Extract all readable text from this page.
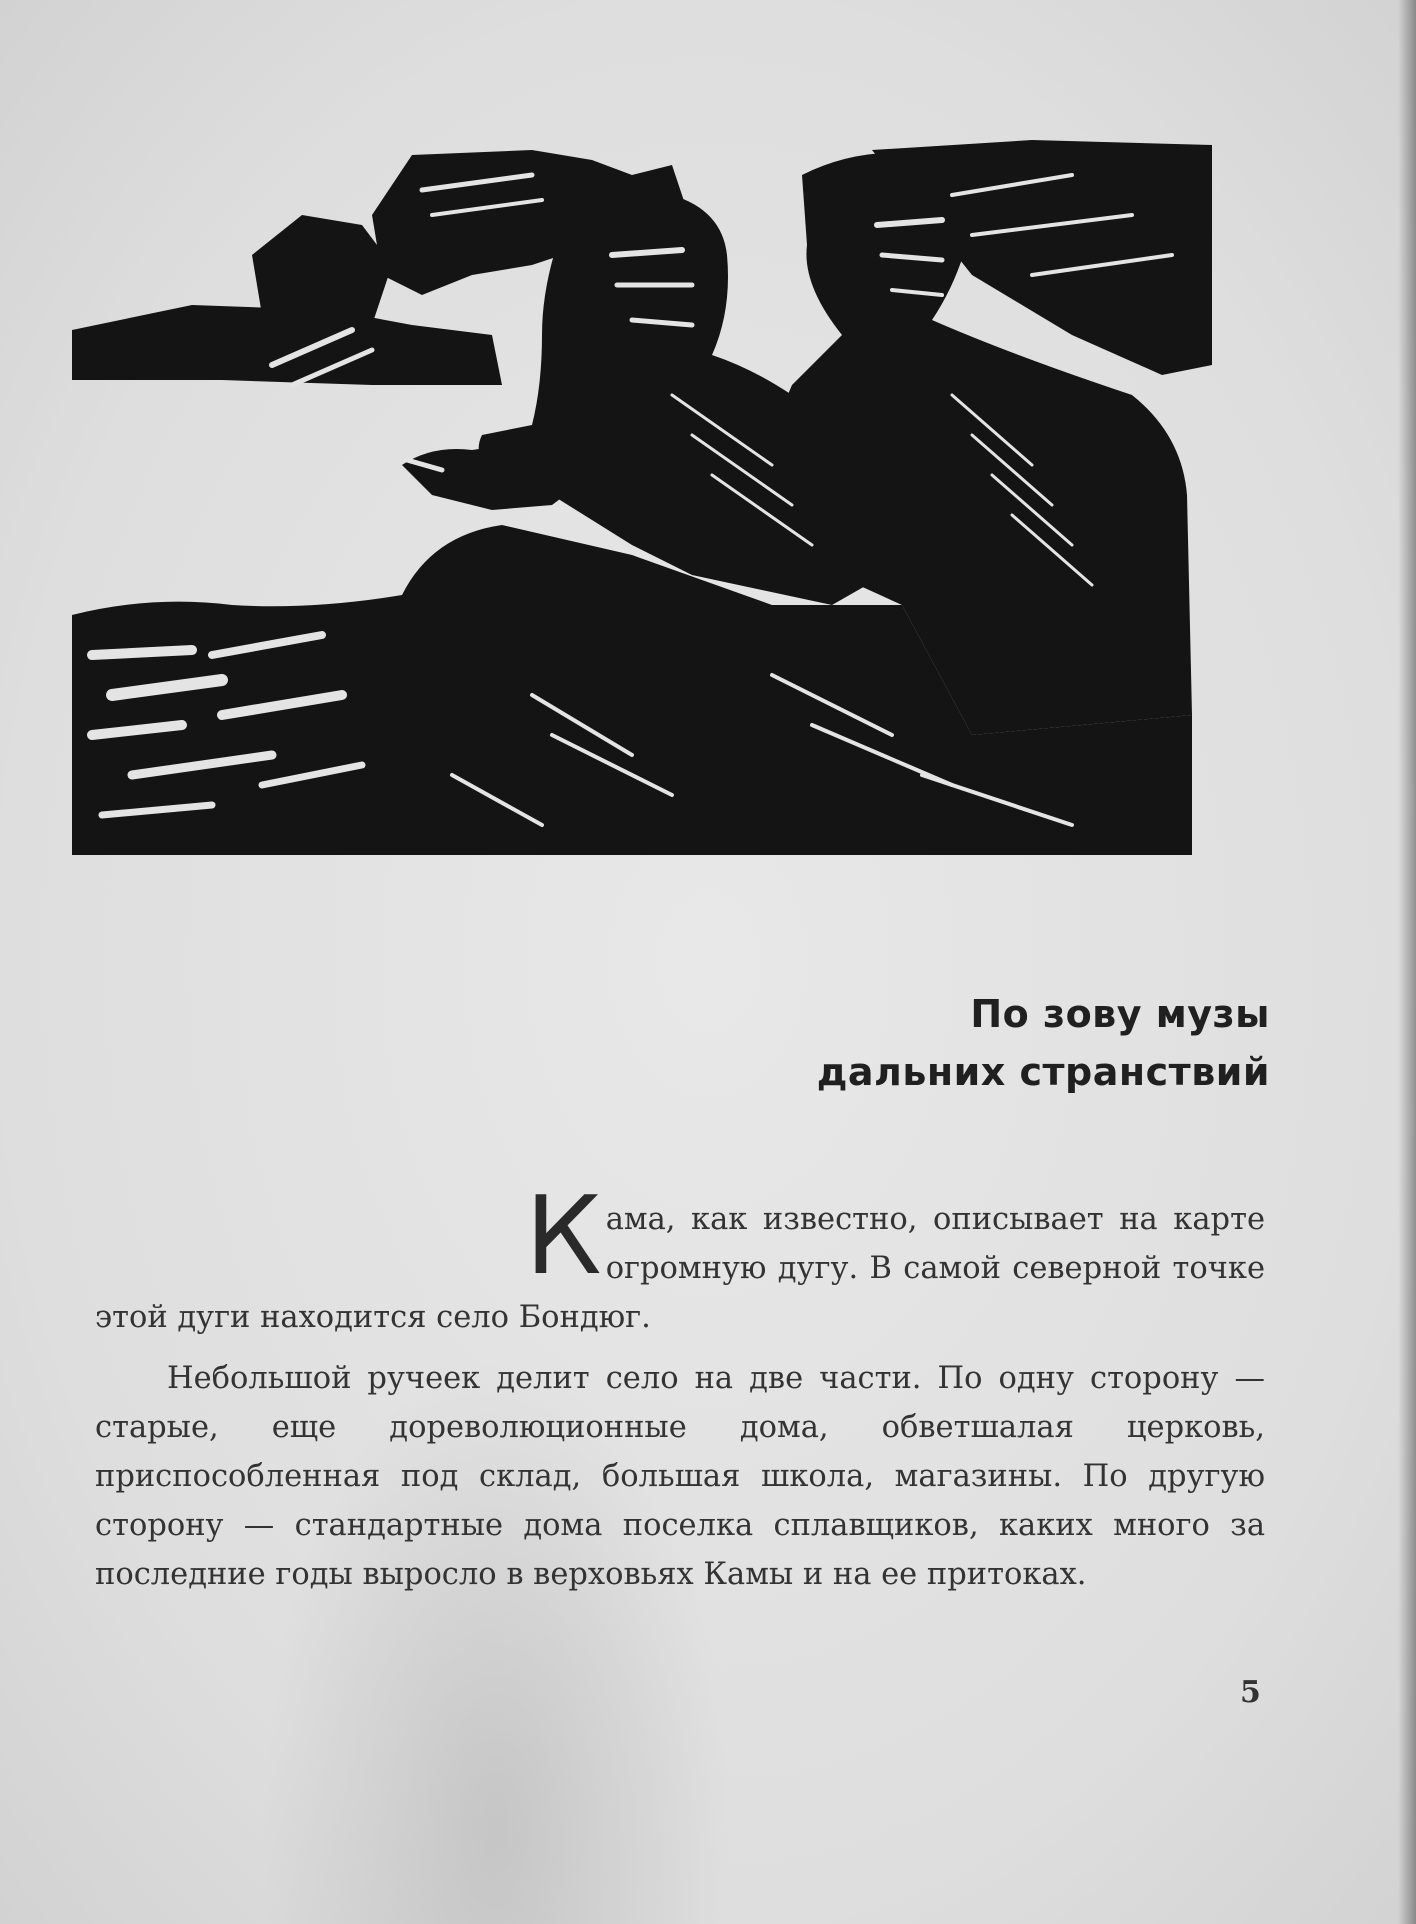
По зову музы
дальних странствий

Кама, как известно, описывает на карте огромную дугу. В самой северной точке этой дуги находится село Бондюг.

Небольшой ручеек делит село на две части. По одну сторону — старые, еще дореволюционные дома, обветшалая церковь, приспособленная под склад, большая школа, магазины. По другую сторону — стандартные дома поселка сплавщиков, каких много за последние годы выросло в верховьях Камы и на ее притоках.

5
